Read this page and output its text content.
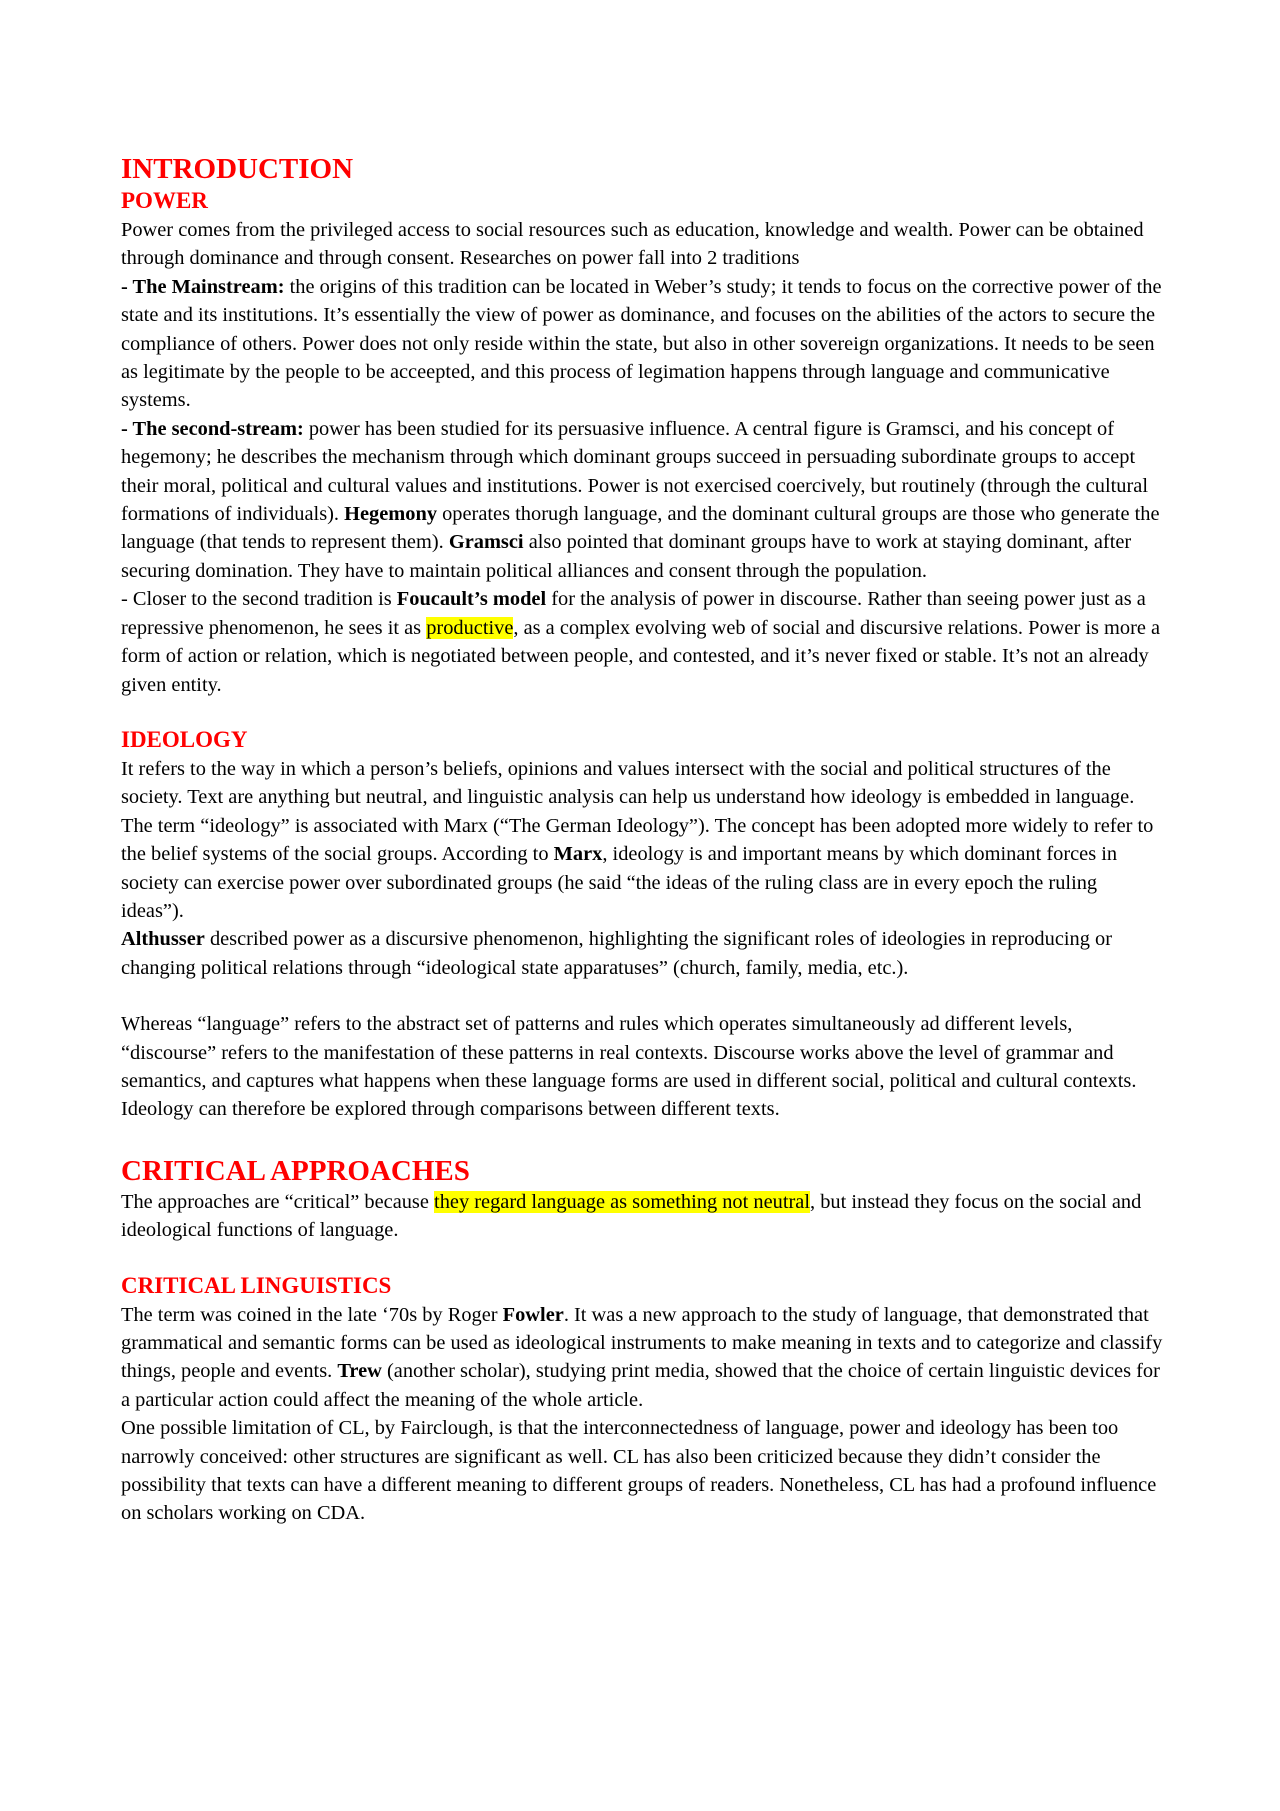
INTRODUCTION
POWER

Power comes from the privileged access to social resources such as education, knowledge and wealth. Power can be obtained through dominance and through consent. Researches on power fall into 2 traditions

- The Mainstream: the origins of this tradition can be located in Weber’s study; it tends to focus on the corrective power of the state and its institutions. It’s essentially the view of power as dominance, and focuses on the abilities of the actors to secure the compliance of others. Power does not only reside within the state, but also in other sovereign organizations. It needs to be seen as legitimate by the people to be acceepted, and this process of legimation happens through language and communicative systems.

- The second-stream: power has been studied for its persuasive influence. A central figure is Gramsci, and his concept of hegemony; he describes the mechanism through which dominant groups succeed in persuading subordinate groups to accept their moral, political and cultural values and institutions. Power is not exercised coercively, but routinely (through the cultural formations of individuals). Hegemony operates thorugh language, and the dominant cultural groups are those who generate the language (that tends to represent them). Gramsci also pointed that dominant groups have to work at staying dominant, after securing domination. They have to maintain political alliances and consent through the population.

- Closer to the second tradition is Foucault’s model for the analysis of power in discourse. Rather than seeing power just as a repressive phenomenon, he sees it as productive, as a complex evolving web of social and discursive relations. Power is more a form of action or relation, which is negotiated between people, and contested, and it’s never fixed or stable. It’s not an already given entity.

IDEOLOGY

It refers to the way in which a person’s beliefs, opinions and values intersect with the social and political structures of the society. Text are anything but neutral, and linguistic analysis can help us understand how ideology is embedded in language. The term “ideology” is associated with Marx (“The German Ideology”). The concept has been adopted more widely to refer to the belief systems of the social groups. According to Marx, ideology is and important means by which dominant forces in society can exercise power over subordinated groups (he said “the ideas of the ruling class are in every epoch the ruling ideas”).

Althusser described power as a discursive phenomenon, highlighting the significant roles of ideologies in reproducing or changing political relations through “ideological state apparatuses” (church, family, media, etc.).

Whereas “language” refers to the abstract set of patterns and rules which operates simultaneously ad different levels, “discourse” refers to the manifestation of these patterns in real contexts. Discourse works above the level of grammar and semantics, and captures what happens when these language forms are used in different social, political and cultural contexts. Ideology can therefore be explored through comparisons between different texts.

CRITICAL APPROACHES

The approaches are “critical” because they regard language as something not neutral, but instead they focus on the social and ideological functions of language.

CRITICAL LINGUISTICS

The term was coined in the late ‘70s by Roger Fowler. It was a new approach to the study of language, that demonstrated that grammatical and semantic forms can be used as ideological instruments to make meaning in texts and to categorize and classify things, people and events. Trew (another scholar), studying print media, showed that the choice of certain linguistic devices for a particular action could affect the meaning of the whole article.

One possible limitation of CL, by Fairclough, is that the interconnectedness of language, power and ideology has been too narrowly conceived: other structures are significant as well. CL has also been criticized because they didn’t consider the possibility that texts can have a different meaning to different groups of readers. Nonetheless, CL has had a profound influence on scholars working on CDA.
